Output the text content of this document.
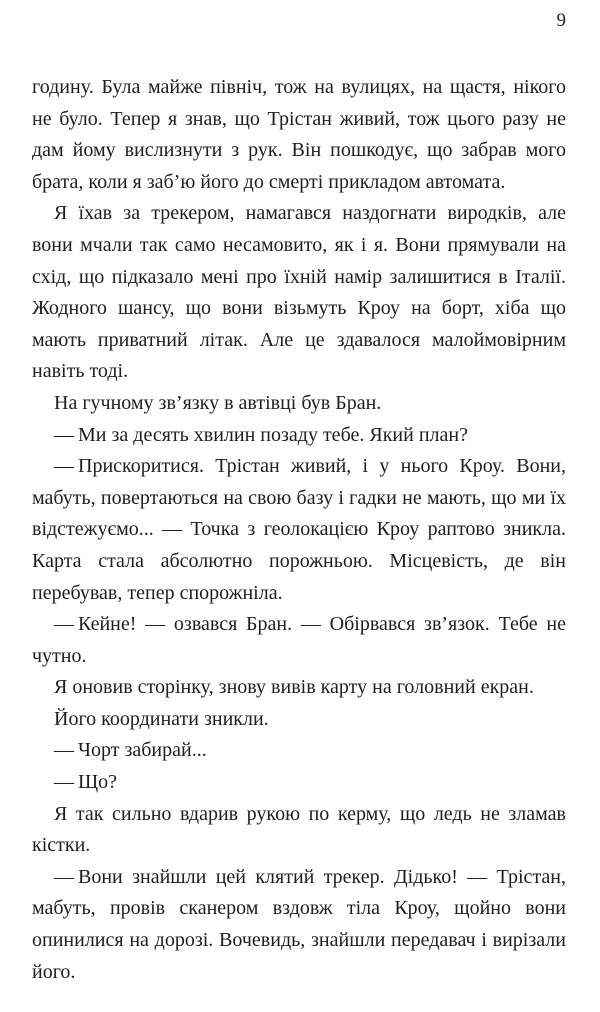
9

годину. Була майже північ, тож на вулицях, на щастя, нікого не було. Тепер я знав, що Трістан живий, тож цього разу не дам йому вислизнути з рук. Він пошкодує, що забрав мого брата, коли я заб’ю його до смерті прикладом автомата.

Я їхав за трекером, намагався наздогнати виродків, але вони мчали так само несамовито, як і я. Вони прямували на схід, що підказало мені про їхній намір залишитися в Італії. Жодного шансу, що вони візьмуть Кроу на борт, хіба що мають приватний літак. Але це здавалося малоймовірним навіть тоді.

На гучному зв’язку в автівці був Бран.

— Ми за десять хвилин позаду тебе. Який план?

— Прискоритися. Трістан живий, і у нього Кроу. Вони, мабуть, повертаються на свою базу і гадки не мають, що ми їх відстежуємо... — Точка з геолокацією Кроу раптово зникла. Карта стала абсолютно порожньою. Місцевість, де він перебував, тепер спорожніла.

— Кейне! — озвався Бран. — Обірвався зв’язок. Тебе не чутно.

Я оновив сторінку, знову вивів карту на головний екран.

Його координати зникли.

— Чорт забирай...

— Що?

Я так сильно вдарив рукою по керму, що ледь не зламав кістки.

— Вони знайшли цей клятий трекер. Дідько! — Трістан, мабуть, провів сканером вздовж тіла Кроу, щойно вони опинилися на дорозі. Вочевидь, знайшли передавач і вирізали його.
